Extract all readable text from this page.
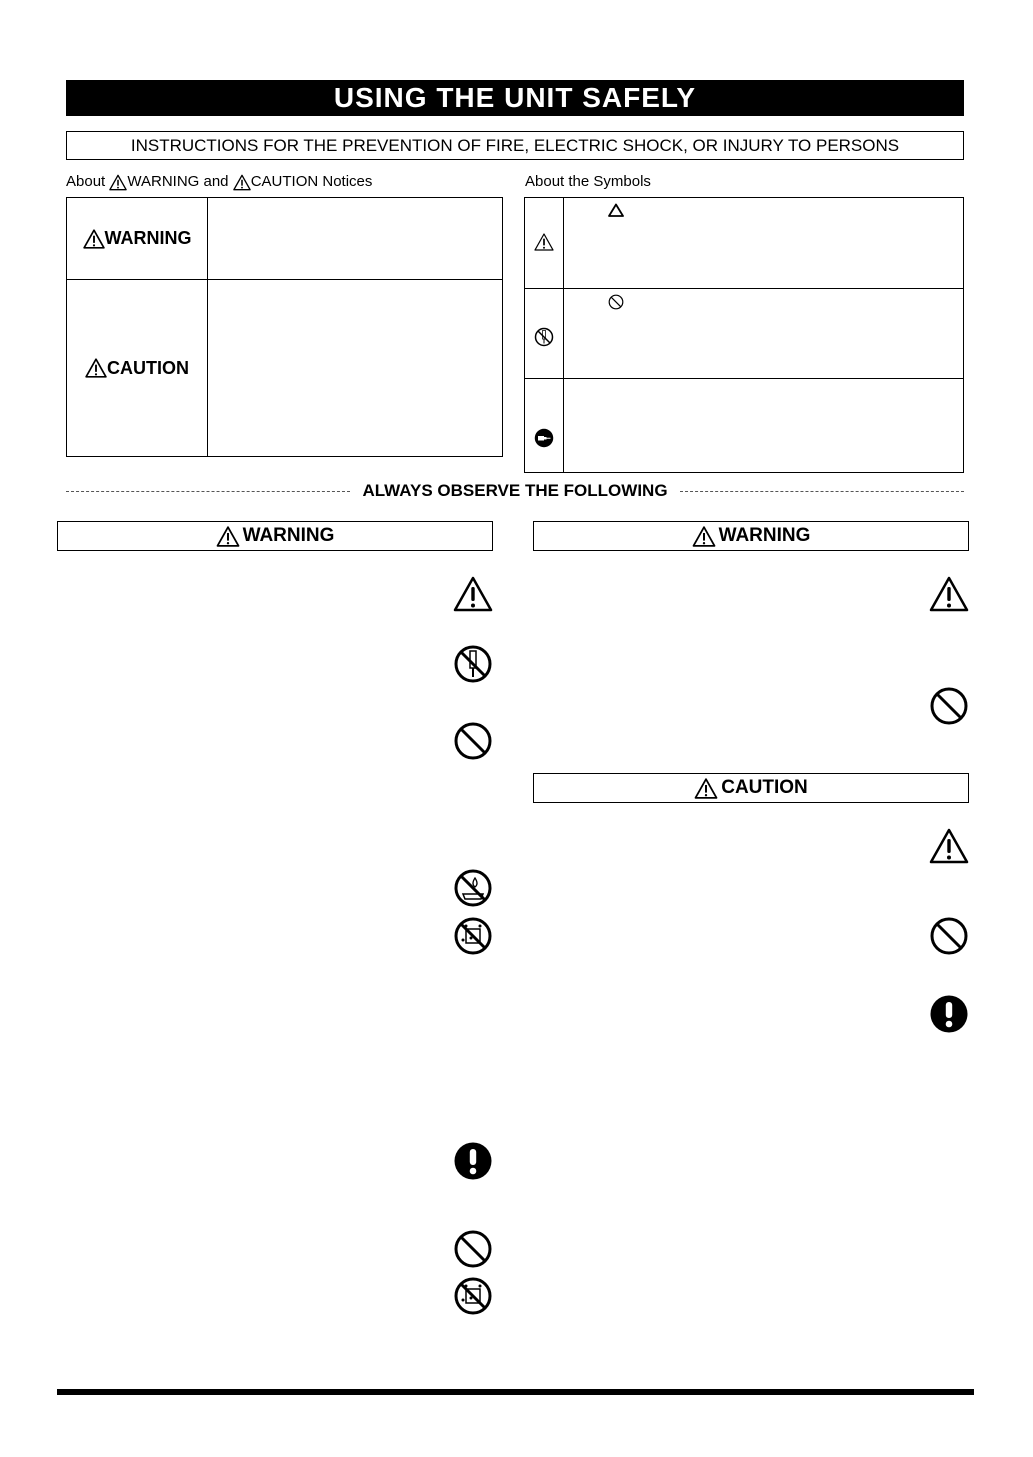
USING THE UNIT SAFELY
INSTRUCTIONS FOR THE PREVENTION OF FIRE, ELECTRIC SHOCK, OR INJURY TO PERSONS
About WARNING and CAUTION Notices	About the Symbols
WARNING
CAUTION
ALWAYS OBSERVE THE FOLLOWING
WARNING	WARNING
CAUTION
